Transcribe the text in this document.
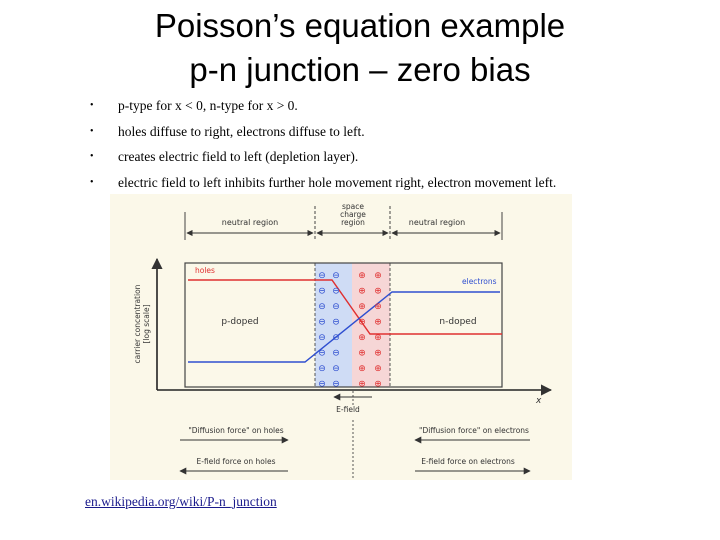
Poisson’s equation example
p-n junction – zero bias
• p-type for x < 0, n-type for x > 0.
• holes diffuse to right, electrons diffuse to left.
• creates electric field to left (depletion layer).
• electric field to left inhibits further hole movement right, electron movement left.
neutral region
space
charge
region	neutral region
carrier concentration [log scale]
x
holes
electrons
p-doped	n-doped
⊖ ⊖
⊖ ⊖
⊖ ⊖
⊖ ⊖
⊖ ⊖
⊖ ⊖
⊖ ⊖
⊖ ⊖
⊕ ⊕
⊕ ⊕
⊕ ⊕
⊕ ⊕
⊕ ⊕
⊕ ⊕
⊕ ⊕
⊕ ⊕
E-field
"Diffusion force" on holes	"Diffusion force" on electrons
E-field force on holes	E-field force on electrons
en.wikipedia.org/wiki/P-n_junction
